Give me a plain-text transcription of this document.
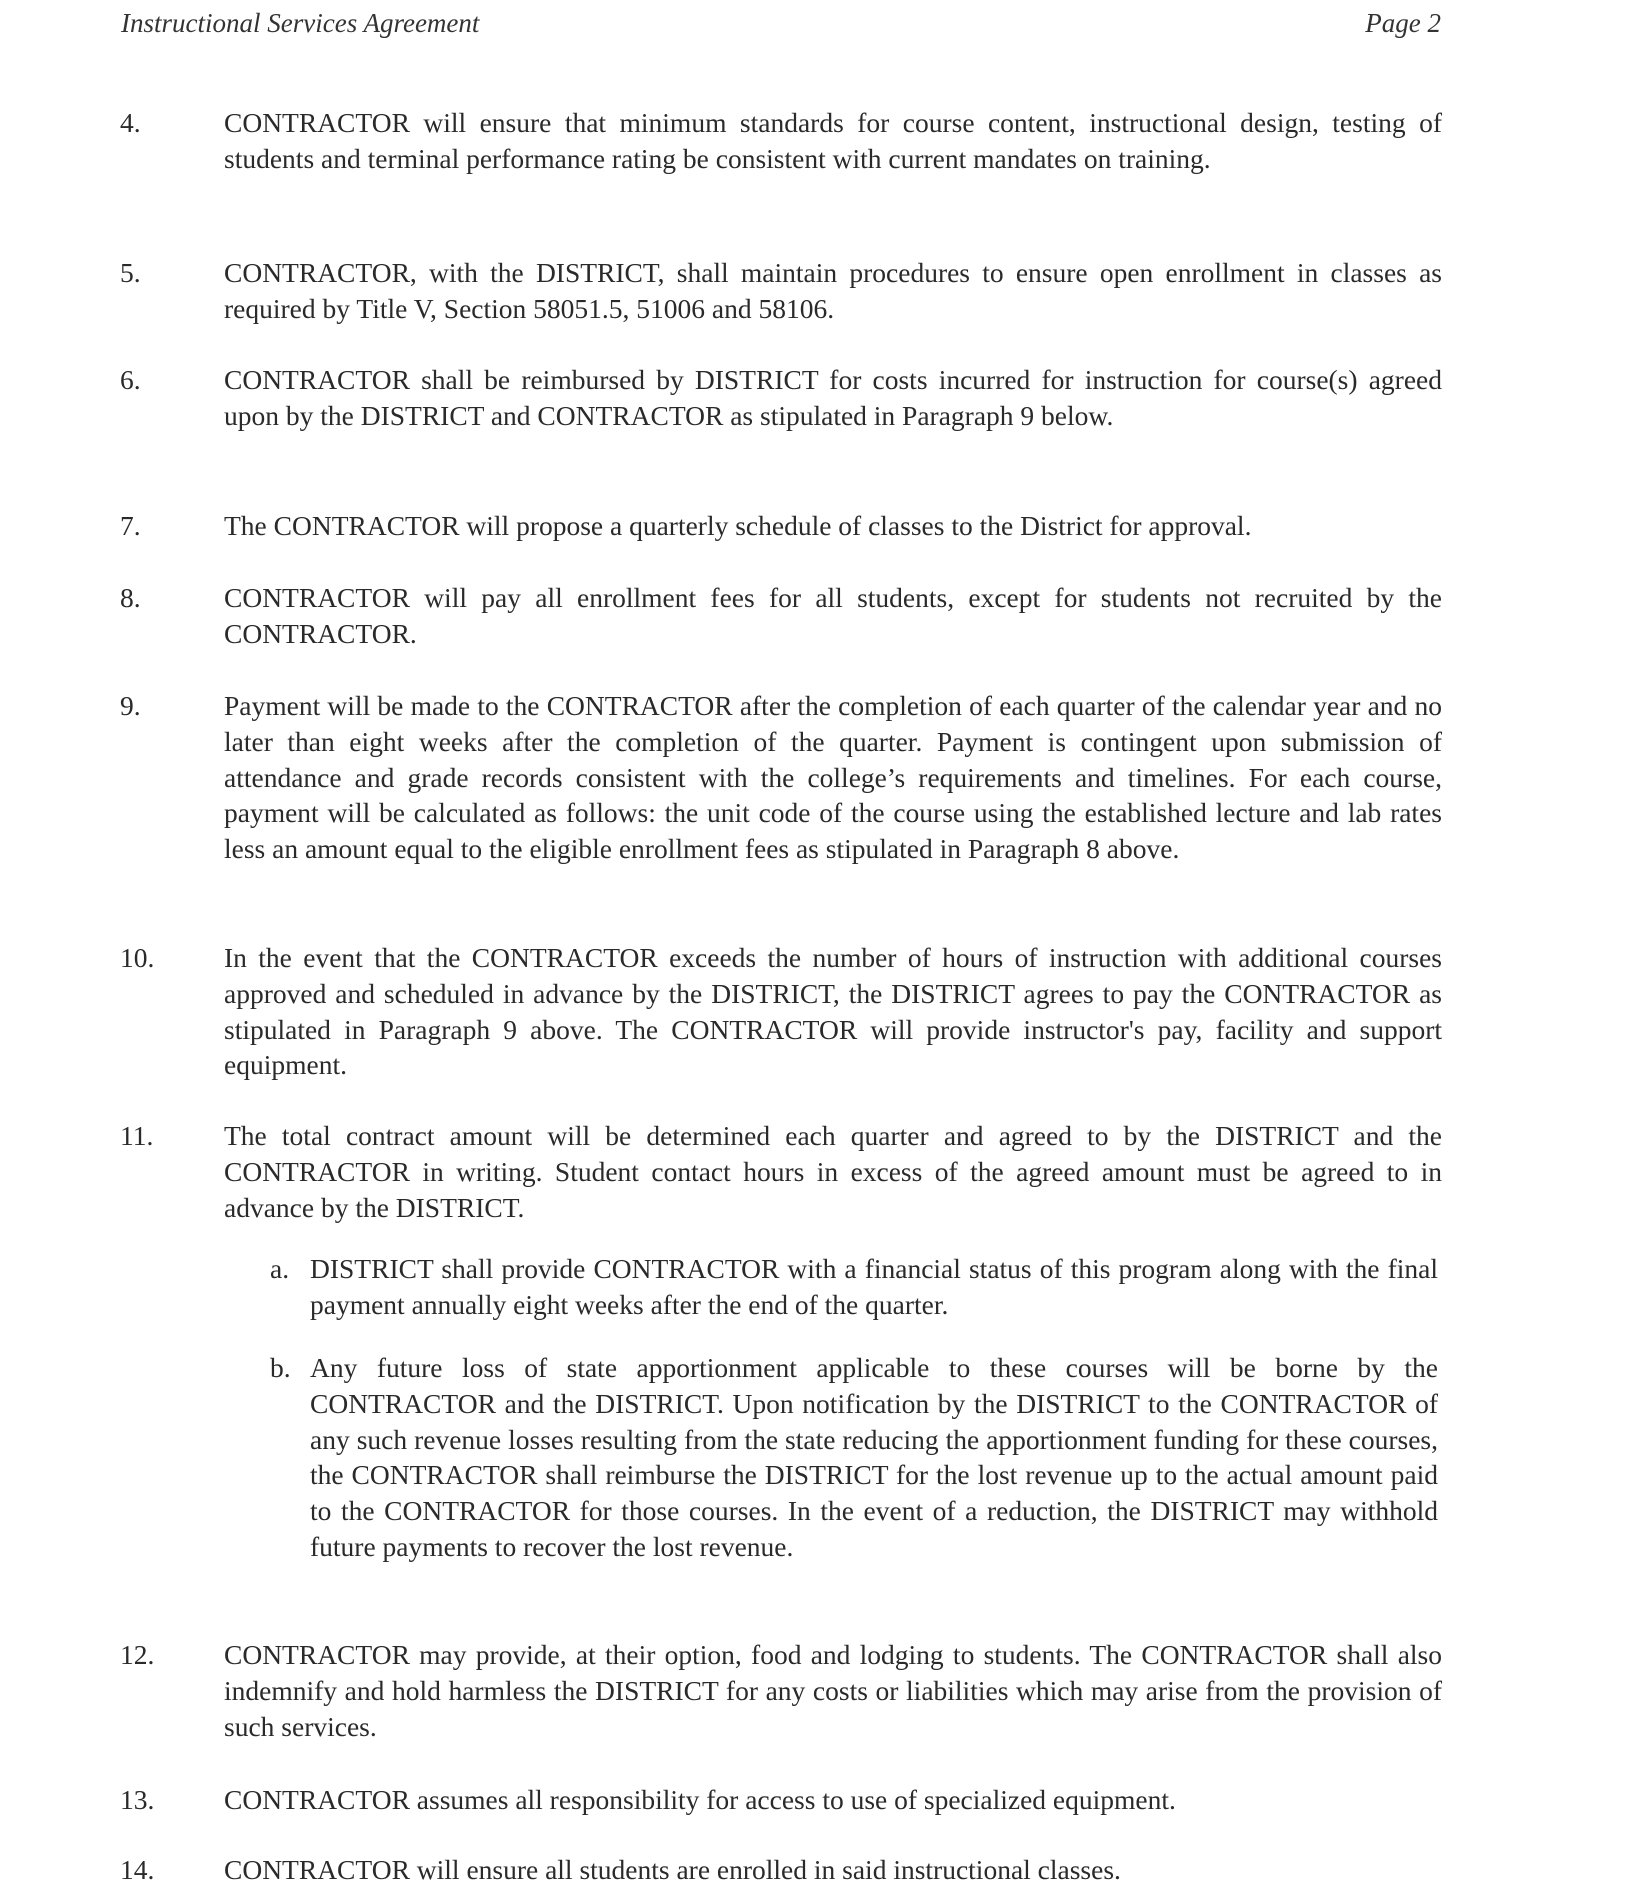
Instructional Services Agreement	Page 2
4.	CONTRACTOR will ensure that minimum standards for course content, instructional design, testing of students and terminal performance rating be consistent with current mandates on training.
5.	CONTRACTOR, with the DISTRICT, shall maintain procedures to ensure open enrollment in classes as required by Title V, Section 58051.5, 51006 and 58106.
6.	CONTRACTOR shall be reimbursed by DISTRICT for costs incurred for instruction for course(s) agreed upon by the DISTRICT and CONTRACTOR as stipulated in Paragraph 9 below.
7.	The CONTRACTOR will propose a quarterly schedule of classes to the District for approval.
8.	CONTRACTOR will pay all enrollment fees for all students, except for students not recruited by the CONTRACTOR.
9.	Payment will be made to the CONTRACTOR after the completion of each quarter of the calendar year and no later than eight weeks after the completion of the quarter. Payment is contingent upon submission of attendance and grade records consistent with the college’s requirements and timelines. For each course, payment will be calculated as follows: the unit code of the course using the established lecture and lab rates less an amount equal to the eligible enrollment fees as stipulated in Paragraph 8 above.
10.	In the event that the CONTRACTOR exceeds the number of hours of instruction with additional courses approved and scheduled in advance by the DISTRICT, the DISTRICT agrees to pay the CONTRACTOR as stipulated in Paragraph 9 above. The CONTRACTOR will provide instructor's pay, facility and support equipment.
11.	The total contract amount will be determined each quarter and agreed to by the DISTRICT and the CONTRACTOR in writing. Student contact hours in excess of the agreed amount must be agreed to in advance by the DISTRICT.
a. DISTRICT shall provide CONTRACTOR with a financial status of this program along with the final payment annually eight weeks after the end of the quarter.
b. Any future loss of state apportionment applicable to these courses will be borne by the CONTRACTOR and the DISTRICT. Upon notification by the DISTRICT to the CONTRACTOR of any such revenue losses resulting from the state reducing the apportionment funding for these courses, the CONTRACTOR shall reimburse the DISTRICT for the lost revenue up to the actual amount paid to the CONTRACTOR for those courses. In the event of a reduction, the DISTRICT may withhold future payments to recover the lost revenue.
12.	CONTRACTOR may provide, at their option, food and lodging to students. The CONTRACTOR shall also indemnify and hold harmless the DISTRICT for any costs or liabilities which may arise from the provision of such services.
13.	CONTRACTOR assumes all responsibility for access to use of specialized equipment.
14.	CONTRACTOR will ensure all students are enrolled in said instructional classes.
